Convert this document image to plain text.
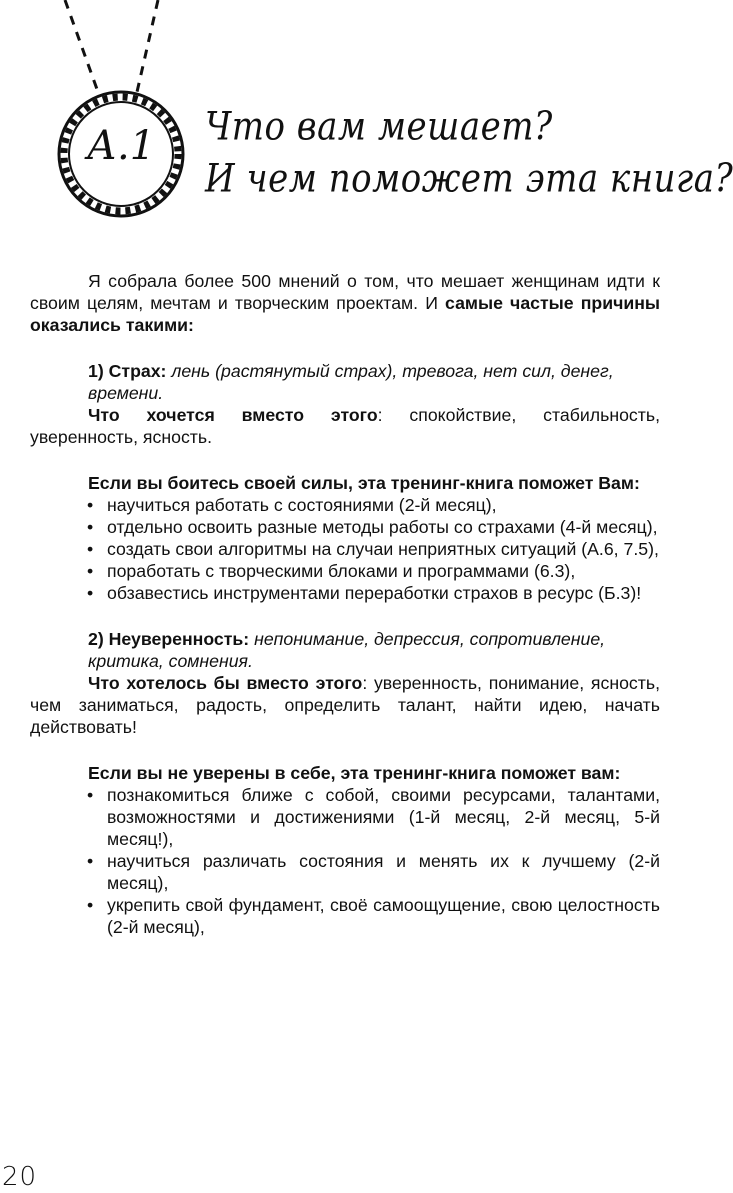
А.1	Что вам мешает?
И чем поможет эта книга?

Я собрала более 500 мнений о том, что мешает женщинам идти к своим целям, мечтам и творческим проектам. И самые частые причины оказались такими:

1) Страх: лень (растянутый страх), тревога, нет сил, денег, времени.

Что хочется вместо этого: спокойствие, стабильность, уверенность, ясность.

Если вы боитесь своей силы, эта тренинг-книга поможет Вам:

• научиться работать с состояниями (2-й месяц),

• отдельно освоить разные методы работы со страхами (4-й месяц),

• создать свои алгоритмы на случаи неприятных ситуаций (А.6, 7.5),

• поработать с творческими блоками и программами (6.3),

• обзавестись инструментами переработки страхов в ресурс (Б.3)!

2) Неуверенность: непонимание, депрессия, сопротивление, критика, сомнения.

Что хотелось бы вместо этого: уверенность, понимание, ясность, чем заниматься, радость, определить талант, найти идею, начать действовать!

Если вы не уверены в себе, эта тренинг-книга поможет вам:

• познакомиться ближе с собой, своими ресурсами, талантами, возможностями и достижениями (1-й месяц, 2-й месяц, 5-й месяц!),

• научиться различать состояния и менять их к лучшему (2-й месяц),

• укрепить свой фундамент, своё самоощущение, свою целостность (2-й месяц),

20
